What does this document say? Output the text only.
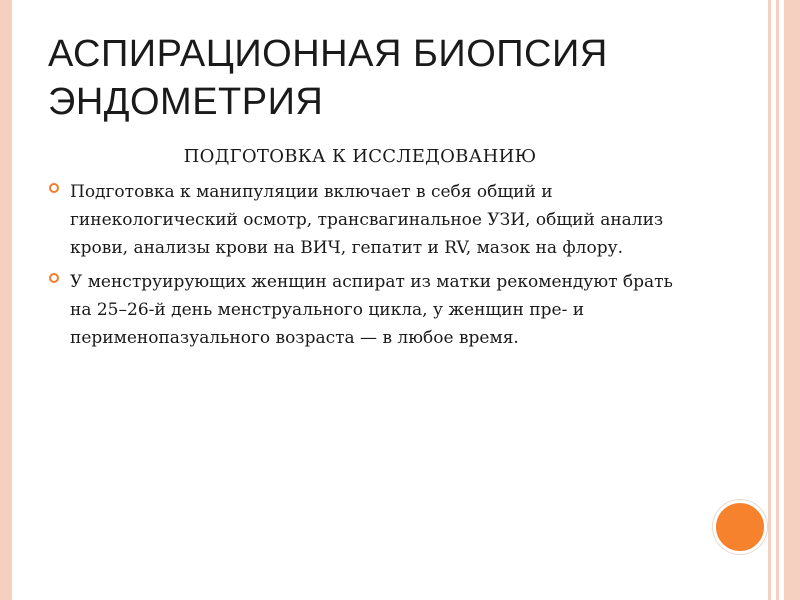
АСПИРАЦИОННАЯ БИОПСИЯ
ЭНДОМЕТРИЯ
ПОДГОТОВКА К ИССЛЕДОВАНИЮ
Подготовка к манипуляции включает в себя общий и гинекологический осмотр, трансвагинальное УЗИ, общий анализ крови, анализы крови на ВИЧ, гепатит и RV, мазок на флору.
У менструирующих женщин аспират из матки рекомендуют брать на 25–26-й день менструального цикла, у женщин пре- и перименопазуального возраста — в любое время.
